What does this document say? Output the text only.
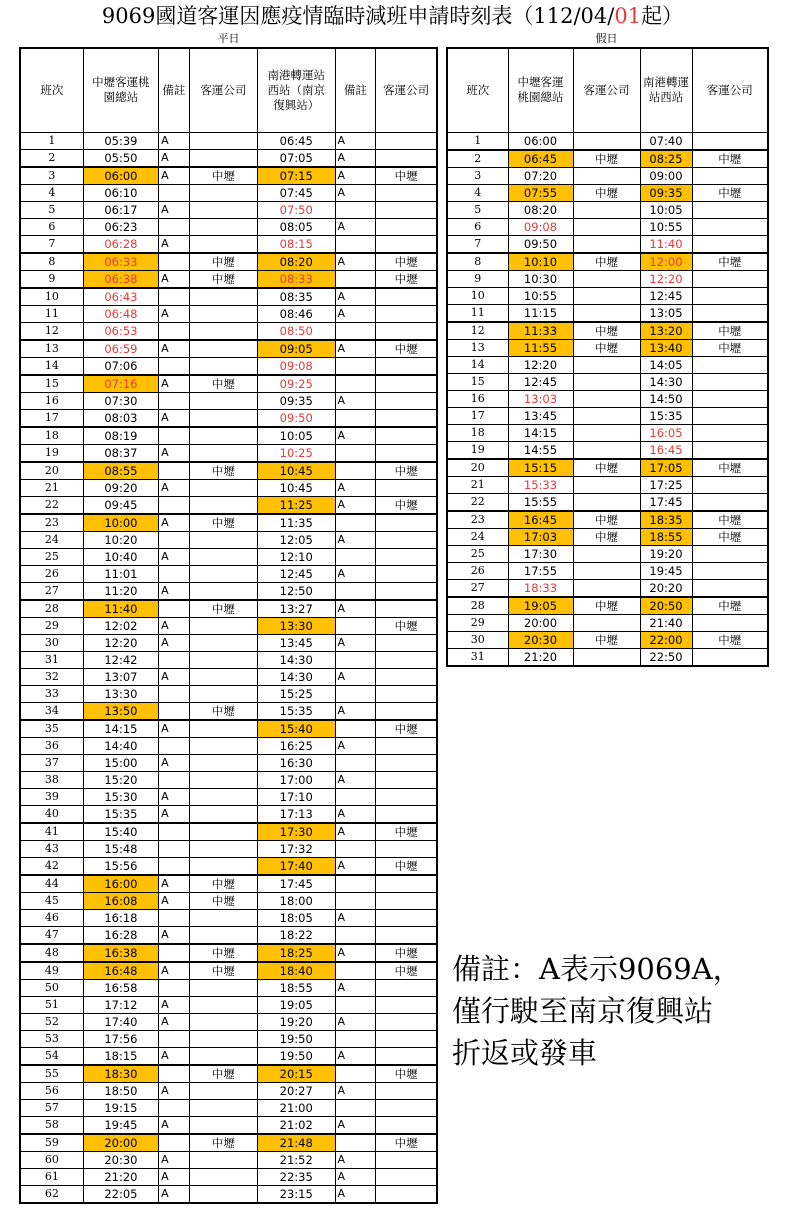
9069國道客運因應疫情臨時減班申請時刻表（112/04/01起）
平日	假日
班次	中壢客運桃園總站	備註	客運公司	南港轉運站西站（南京復興站）	備註	客運公司
1	05:39	A		06:45	A	
2	05:50	A		07:05	A	
3	06:00	A	中壢	07:15	A	中壢
4	06:10			07:45	A	
5	06:17	A		07:50		
6	06:23			08:05	A	
7	06:28	A		08:15		
8	06:33		中壢	08:20	A	中壢
9	06:38	A	中壢	08:33		中壢
10	06:43			08:35	A	
11	06:48	A		08:46	A	
12	06:53			08:50		
13	06:59	A		09:05	A	中壢
14	07:06			09:08		
15	07:16	A	中壢	09:25		
16	07:30			09:35	A	
17	08:03	A		09:50		
18	08:19			10:05	A	
19	08:37	A		10:25		
20	08:55		中壢	10:45		中壢
21	09:20	A		10:45	A	
22	09:45			11:25	A	中壢
23	10:00	A	中壢	11:35		
24	10:20			12:05	A	
25	10:40	A		12:10		
26	11:01			12:45	A	
27	11:20	A		12:50		
28	11:40		中壢	13:27	A	
29	12:02	A		13:30		中壢
30	12:20	A		13:45	A	
31	12:42			14:30		
32	13:07	A		14:30	A	
33	13:30			15:25		
34	13:50		中壢	15:35	A	
35	14:15	A		15:40		中壢
36	14:40			16:25	A	
37	15:00	A		16:30		
38	15:20			17:00	A	
39	15:30	A		17:10		
40	15:35	A		17:13	A	
41	15:40			17:30	A	中壢
43	15:48			17:32		
42	15:56			17:40	A	中壢
44	16:00	A	中壢	17:45		
45	16:08	A	中壢	18:00		
46	16:18			18:05	A	
47	16:28	A		18:22		
48	16:38		中壢	18:25	A	中壢
49	16:48	A	中壢	18:40		中壢
50	16:58			18:55	A	
51	17:12	A		19:05		
52	17:40	A		19:20	A	
53	17:56			19:50		
54	18:15	A		19:50	A	
55	18:30		中壢	20:15		中壢
56	18:50	A		20:27	A	
57	19:15			21:00		
58	19:45	A		21:02	A	
59	20:00		中壢	21:48		中壢
60	20:30	A		21:52	A	
61	21:20	A		22:35	A	
62	22:05	A		23:15	A	
班次	中壢客運桃園總站	客運公司	南港轉運站西站	客運公司
1	06:00		07:40	
2	06:45	中壢	08:25	中壢
3	07:20		09:00	
4	07:55	中壢	09:35	中壢
5	08:20		10:05	
6	09:08		10:55	
7	09:50		11:40	
8	10:10	中壢	12:00	中壢
9	10:30		12:20	
10	10:55		12:45	
11	11:15		13:05	
12	11:33	中壢	13:20	中壢
13	11:55	中壢	13:40	中壢
14	12:20		14:05	
15	12:45		14:30	
16	13:03		14:50	
17	13:45		15:35	
18	14:15		16:05	
19	14:55		16:45	
20	15:15	中壢	17:05	中壢
21	15:33		17:25	
22	15:55		17:45	
23	16:45	中壢	18:35	中壢
24	17:03	中壢	18:55	中壢
25	17:30		19:20	
26	17:55		19:45	
27	18:33		20:20	
28	19:05	中壢	20:50	中壢
29	20:00		21:40	
30	20:30	中壢	22:00	中壢
31	21:20		22:50	
備註：A表示9069A，
僅行駛至南京復興站
折返或發車
